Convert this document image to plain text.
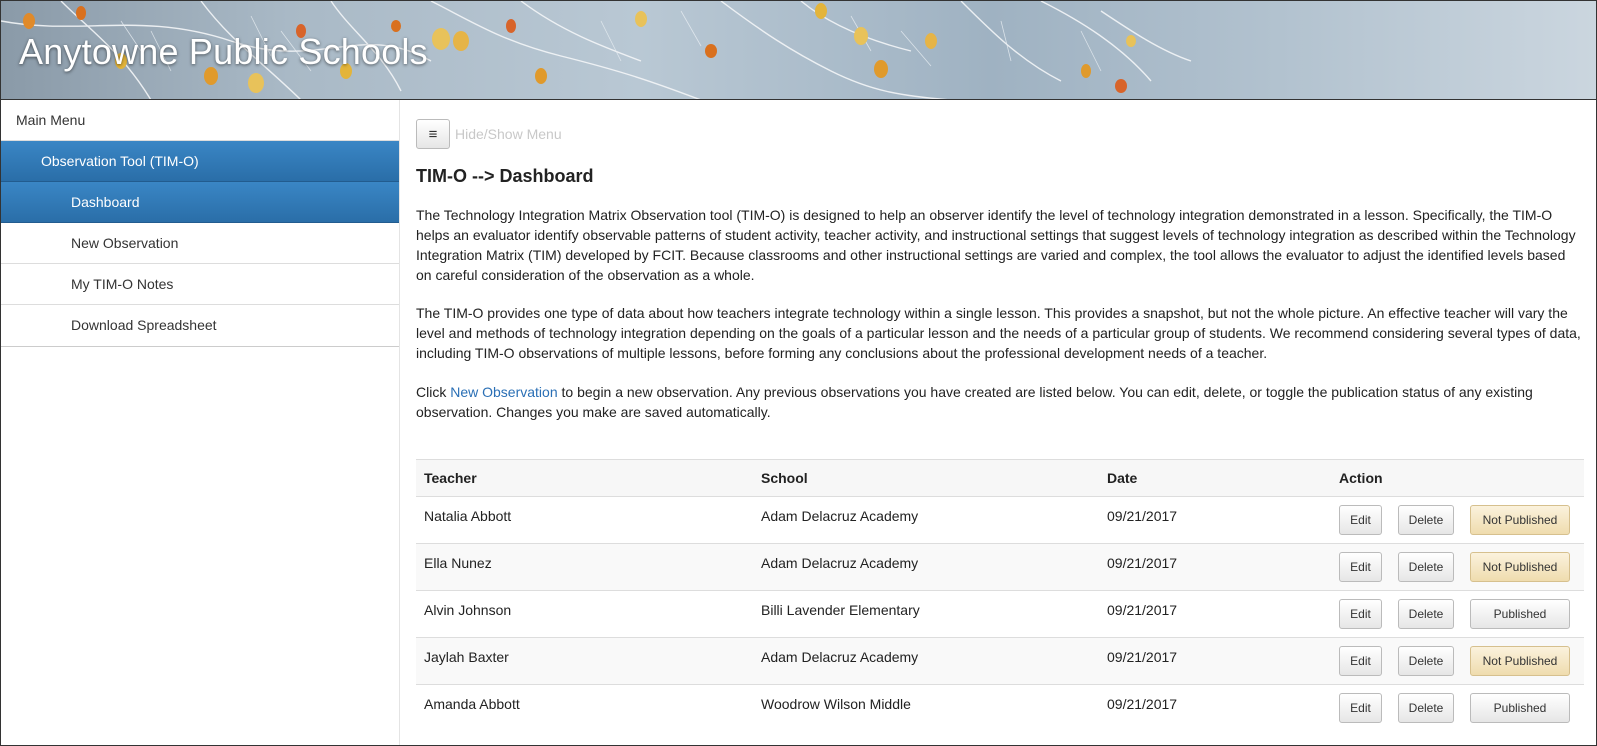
Anytowne Public Schools
Main Menu
Observation Tool (TIM-O)
Dashboard
New Observation
My TIM-O Notes
Download Spreadsheet
≡ Hide/Show Menu
TIM-O --> Dashboard

The Technology Integration Matrix Observation tool (TIM-O) is designed to help an observer identify the level of technology integration demonstrated in a lesson. Specifically, the TIM-O helps an evaluator identify observable patterns of student activity, teacher activity, and instructional settings that suggest levels of technology integration as described within the Technology Integration Matrix (TIM) developed by FCIT. Because classrooms and other instructional settings are varied and complex, the tool allows the evaluator to adjust the identified levels based on careful consideration of the observation as a whole.

The TIM-O provides one type of data about how teachers integrate technology within a single lesson. This provides a snapshot, but not the whole picture. An effective teacher will vary the level and methods of technology integration depending on the goals of a particular lesson and the needs of a particular group of students. We recommend considering several types of data, including TIM-O observations of multiple lessons, before forming any conclusions about the professional development needs of a teacher.

Click New Observation to begin a new observation. Any previous observations you have created are listed below. You can edit, delete, or toggle the publication status of any existing observation. Changes you make are saved automatically.

Teacher	School	Date	Action
Natalia Abbott	Adam Delacruz Academy	09/21/2017	Edit	Delete	Not Published
Ella Nunez	Adam Delacruz Academy	09/21/2017	Edit	Delete	Not Published
Alvin Johnson	Billi Lavender Elementary	09/21/2017	Edit	Delete	Published
Jaylah Baxter	Adam Delacruz Academy	09/21/2017	Edit	Delete	Not Published
Amanda Abbott	Woodrow Wilson Middle	09/21/2017	Edit	Delete	Published
